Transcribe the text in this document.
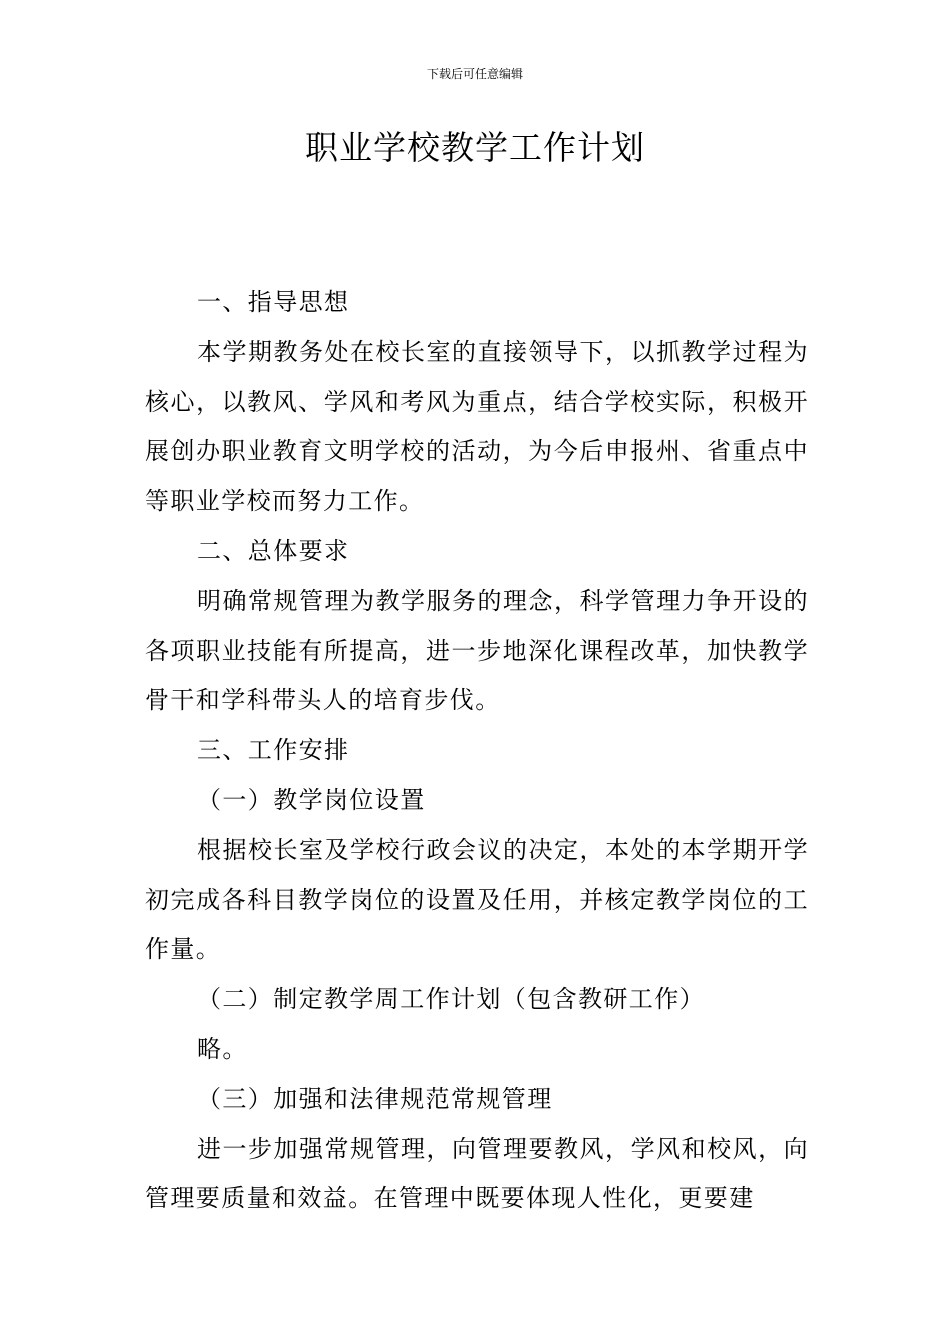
下载后可任意编辑
职业学校教学工作计划

一、指导思想

本学期教务处在校长室的直接领导下，以抓教学过程为核心，以教风、学风和考风为重点，结合学校实际，积极开展创办职业教育文明学校的活动，为今后申报州、省重点中等职业学校而努力工作。

二、总体要求

明确常规管理为教学服务的理念，科学管理力争开设的各项职业技能有所提高，进一步地深化课程改革，加快教学骨干和学科带头人的培育步伐。

三、工作安排

（一）教学岗位设置

根据校长室及学校行政会议的决定，本处的本学期开学初完成各科目教学岗位的设置及任用，并核定教学岗位的工作量。

（二）制定教学周工作计划（包含教研工作）

略。

（三）加强和法律规范常规管理

进一步加强常规管理，向管理要教风，学风和校风，向管理要质量和效益。在管理中既要体现人性化，更要建
